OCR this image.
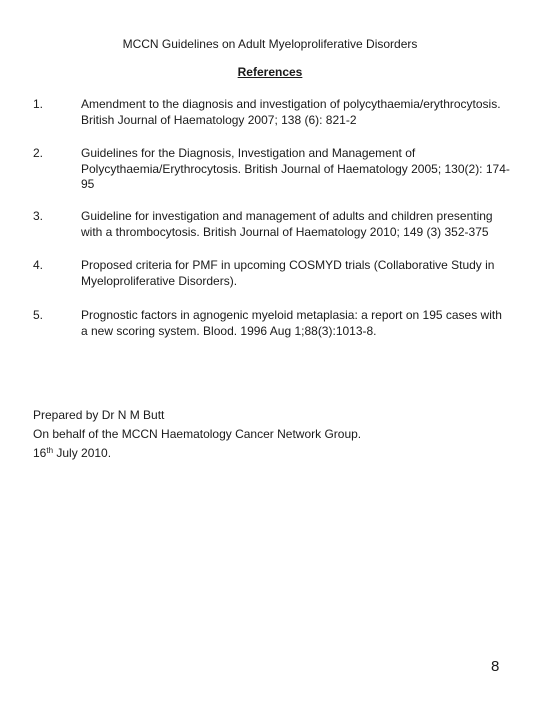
MCCN Guidelines on Adult Myeloproliferative Disorders
References
1.	Amendment to the diagnosis and investigation of polycythaemia/erythrocytosis. British Journal of Haematology 2007; 138 (6): 821-2
2.	Guidelines for the Diagnosis, Investigation and Management of Polycythaemia/Erythrocytosis. British Journal of Haematology 2005; 130(2): 174-95
3.	Guideline for investigation and management of adults and children presenting with a thrombocytosis. British Journal of Haematology 2010; 149 (3) 352-375
4.	Proposed criteria for PMF in upcoming COSMYD trials (Collaborative Study in Myeloproliferative Disorders).
5.	Prognostic factors in agnogenic myeloid metaplasia: a report on 195 cases with a new scoring system. Blood. 1996 Aug 1;88(3):1013-8.
Prepared by Dr N M Butt
On behalf of the MCCN Haematology Cancer Network Group.
16th July 2010.
8
